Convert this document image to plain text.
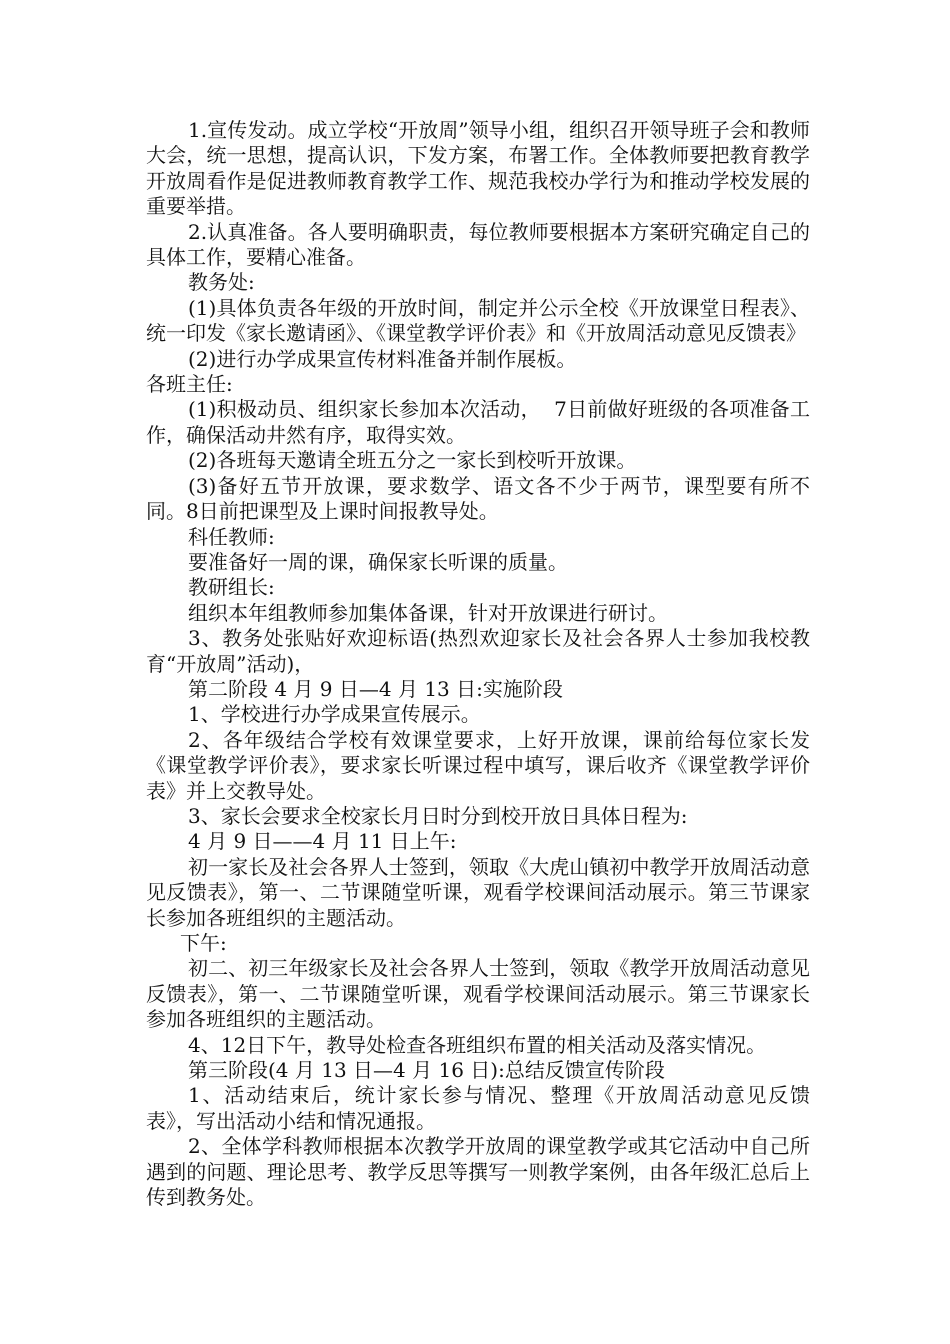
1.宣传发动。成立学校“开放周”领导小组，组织召开领导班子会和教师大会，统一思想，提高认识，下发方案，布署工作。全体教师要把教育教学开放周看作是促进教师教育教学工作、规范我校办学行为和推动学校发展的重要举措。

2.认真准备。各人要明确职责，每位教师要根据本方案研究确定自己的具体工作，要精心准备。

教务处:

(1)具体负责各年级的开放时间，制定并公示全校《开放课堂日程表》、统一印发《家长邀请函》、《课堂教学评价表》和《开放周活动意见反馈表》

(2)进行办学成果宣传材料准备并制作展板。

各班主任:

(1)积极动员、组织家长参加本次活动，  7日前做好班级的各项准备工作，确保活动井然有序，取得实效。

(2)各班每天邀请全班五分之一家长到校听开放课。

(3)备好五节开放课，要求数学、语文各不少于两节，课型要有所不同。8日前把课型及上课时间报教导处。

科任教师:

要准备好一周的课，确保家长听课的质量。

教研组长:

组织本年组教师参加集体备课，针对开放课进行研讨。

3、教务处张贴好欢迎标语(热烈欢迎家长及社会各界人士参加我校教育“开放周”活动)，

第二阶段 4 月 9 日—4 月 13 日:实施阶段

1、学校进行办学成果宣传展示。

2、各年级结合学校有效课堂要求，上好开放课，课前给每位家长发《课堂教学评价表》，要求家长听课过程中填写，课后收齐《课堂教学评价表》并上交教导处。

3、家长会要求全校家长月日时分到校开放日具体日程为:

4 月 9 日——4 月 11 日上午:

初一家长及社会各界人士签到，领取《大虎山镇初中教学开放周活动意见反馈表》，第一、二节课随堂听课，观看学校课间活动展示。第三节课家长参加各班组织的主题活动。

下午:

初二、初三年级家长及社会各界人士签到，领取《教学开放周活动意见反馈表》，第一、二节课随堂听课，观看学校课间活动展示。第三节课家长参加各班组织的主题活动。

4、12日下午，教导处检查各班组织布置的相关活动及落实情况。

第三阶段(4 月 13 日—4 月 16 日):总结反馈宣传阶段

1、活动结束后，统计家长参与情况、整理《开放周活动意见反馈表》，写出活动小结和情况通报。

2、全体学科教师根据本次教学开放周的课堂教学或其它活动中自己所遇到的问题、理论思考、教学反思等撰写一则教学案例，由各年级汇总后上传到教务处。
